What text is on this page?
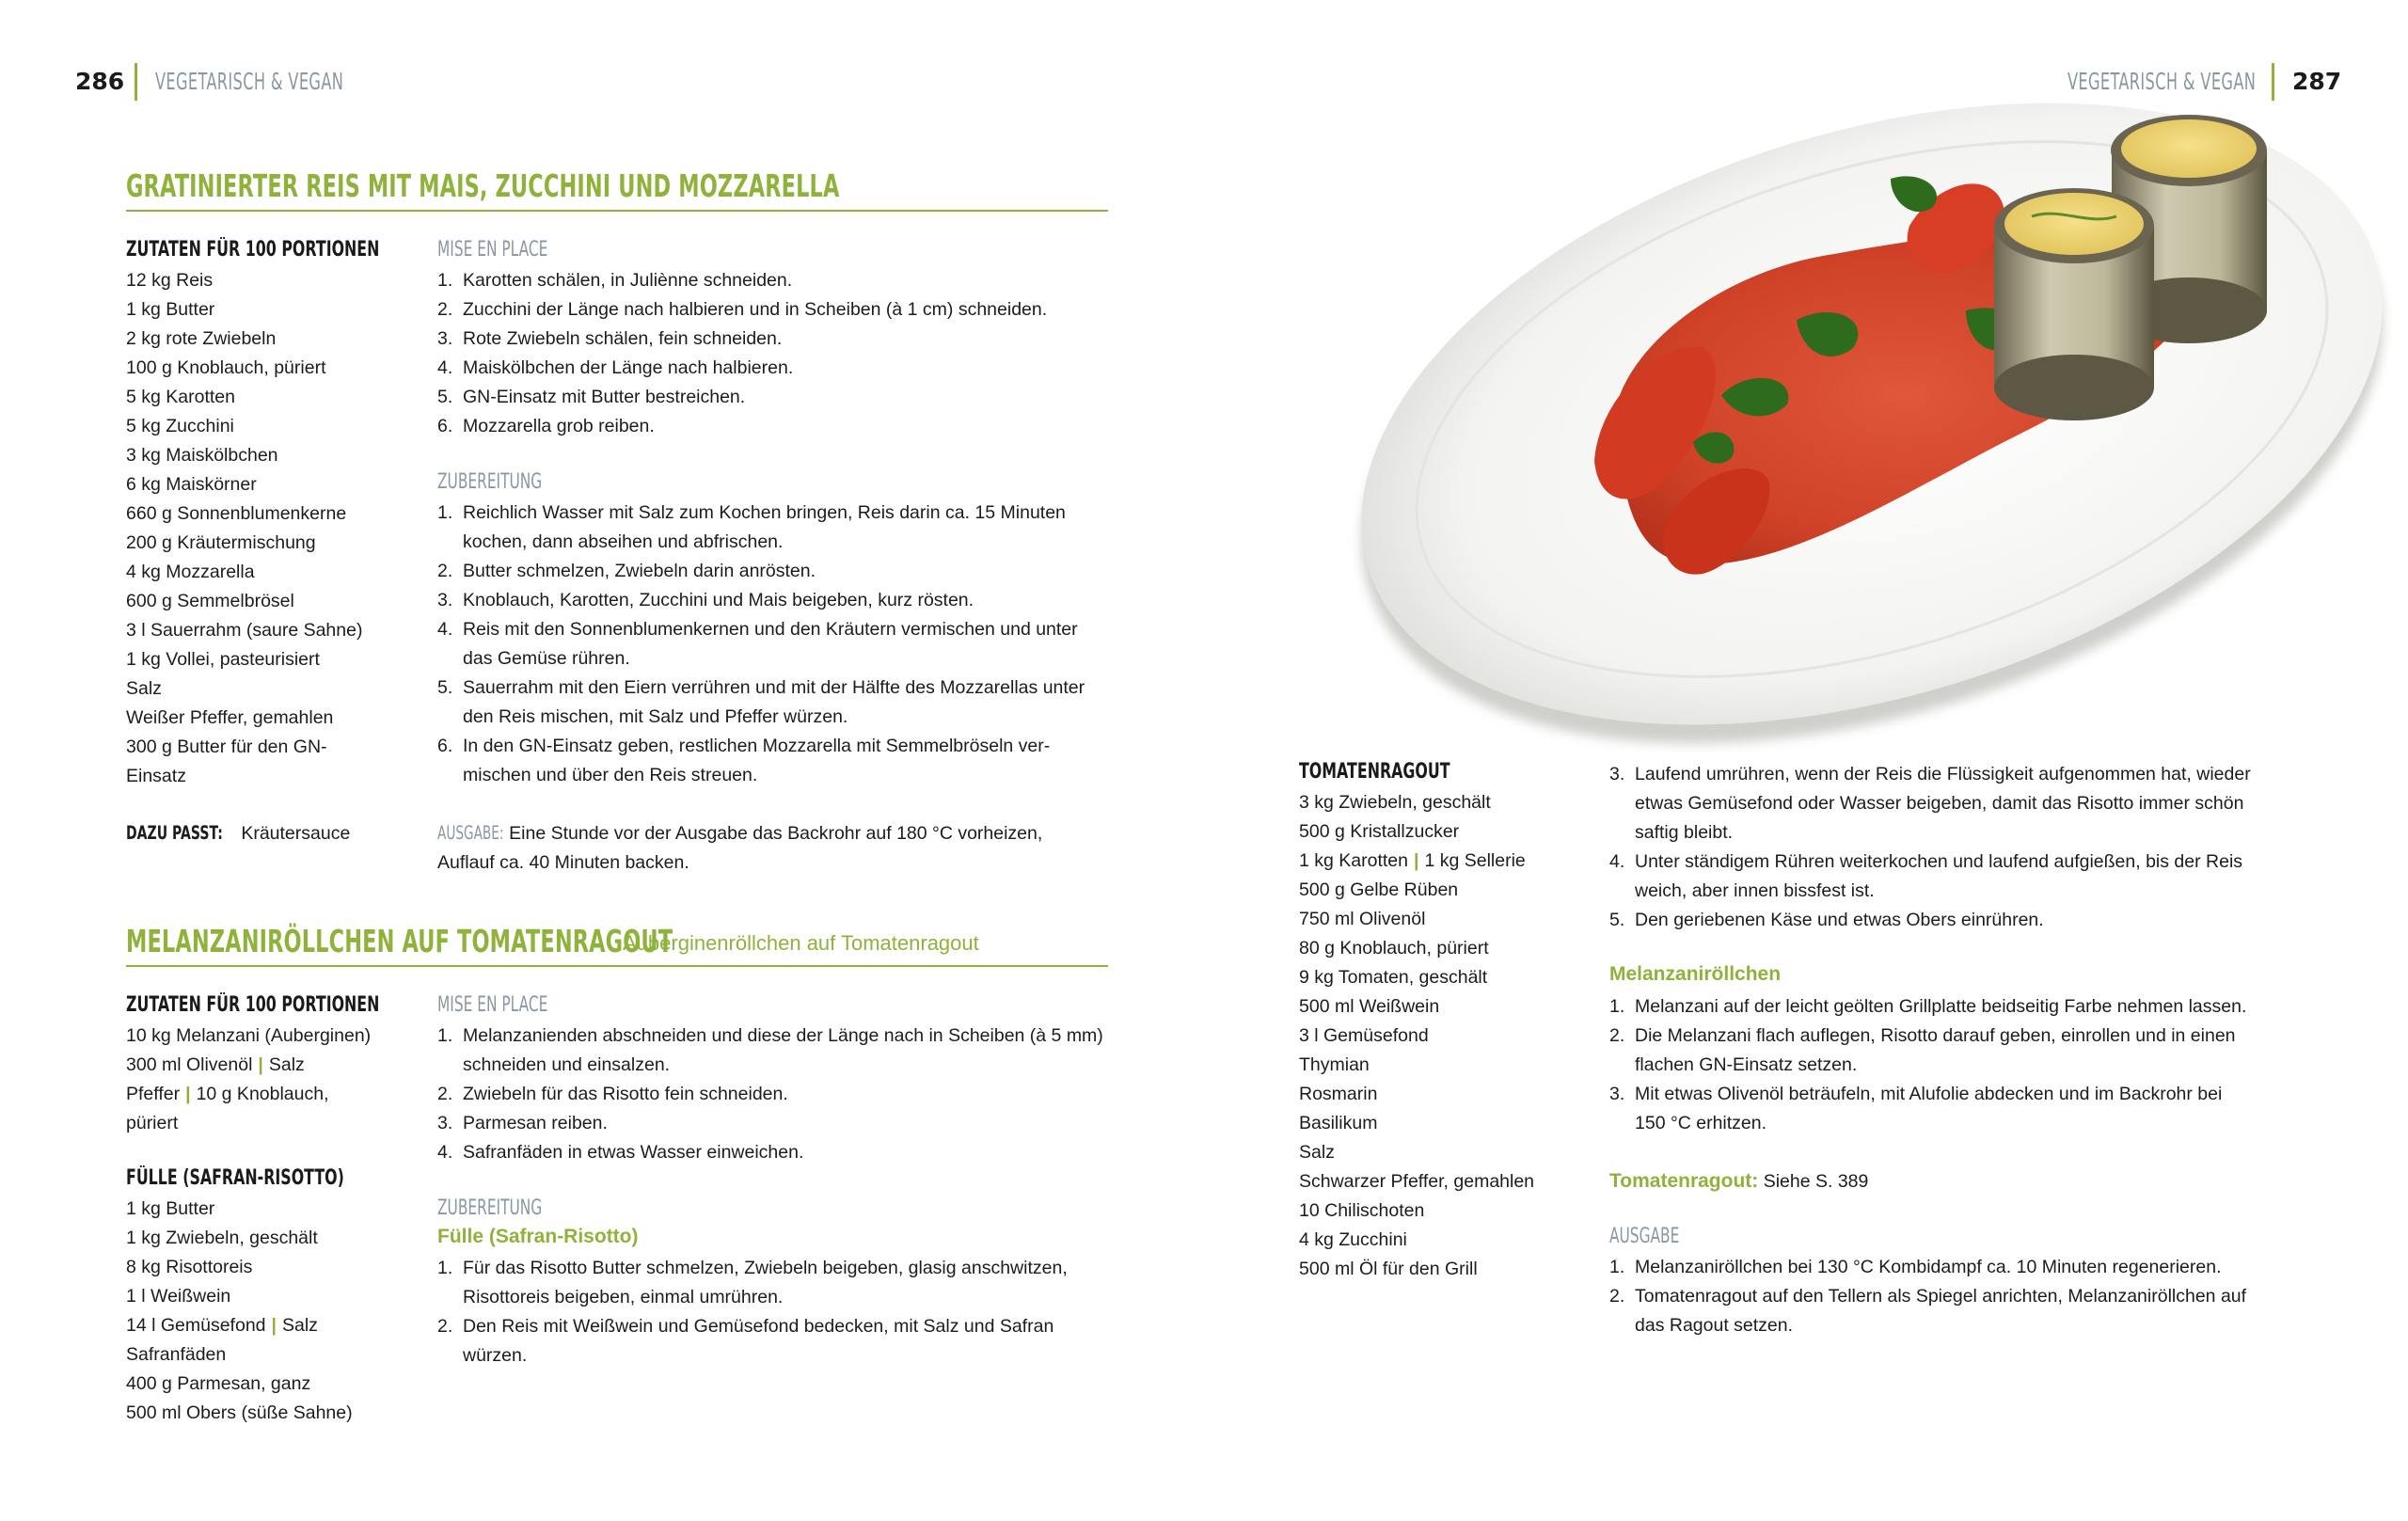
286 VEGETARISCH & VEGAN	VEGETARISCH & VEGAN 287
GRATINIERTER REIS MIT MAIS, ZUCCHINI UND MOZZARELLA
ZUTATEN FÜR 100 PORTIONEN
12 kg Reis
1 kg Butter
2 kg rote Zwiebeln
100 g Knoblauch, püriert
5 kg Karotten
5 kg Zucchini
3 kg Maiskölbchen
6 kg Maiskörner
660 g Sonnenblumenkerne
200 g Kräutermischung
4 kg Mozzarella
600 g Semmelbrösel
3 l Sauerrahm (saure Sahne)
1 kg Vollei, pasteurisiert
Salz
Weißer Pfeffer, gemahlen
300 g Butter für den GN-
Einsatz
DAZU PASST: Kräutersauce
MISE EN PLACE
1. Karotten schälen, in Juliènne schneiden.
2. Zucchini der Länge nach halbieren und in Scheiben (à 1 cm) schneiden.
3. Rote Zwiebeln schälen, fein schneiden.
4. Maiskölbchen der Länge nach halbieren.
5. GN-Einsatz mit Butter bestreichen.
6. Mozzarella grob reiben.
ZUBEREITUNG
1. Reichlich Wasser mit Salz zum Kochen bringen, Reis darin ca. 15 Minuten
kochen, dann abseihen und abfrischen.
2. Butter schmelzen, Zwiebeln darin anrösten.
3. Knoblauch, Karotten, Zucchini und Mais beigeben, kurz rösten.
4. Reis mit den Sonnenblumenkernen und den Kräutern vermischen und unter
das Gemüse rühren.
5. Sauerrahm mit den Eiern verrühren und mit der Hälfte des Mozzarellas unter
den Reis mischen, mit Salz und Pfeffer würzen.
6. In den GN-Einsatz geben, restlichen Mozzarella mit Semmelbröseln ver-
mischen und über den Reis streuen.
AUSGABE: Eine Stunde vor der Ausgabe das Backrohr auf 180 °C vorheizen,
Auflauf ca. 40 Minuten backen.
MELANZANIRÖLLCHEN AUF TOMATENRAGOUT
Auberginenröllchen auf Tomatenragout
ZUTATEN FÜR 100 PORTIONEN
10 kg Melanzani (Auberginen)
300 ml Olivenöl | Salz
Pfeffer | 10 g Knoblauch,
püriert
FÜLLE (SAFRAN-RISOTTO)
1 kg Butter
1 kg Zwiebeln, geschält
8 kg Risottoreis
1 l Weißwein
14 l Gemüsefond | Salz
Safranfäden
400 g Parmesan, ganz
500 ml Obers (süße Sahne)
MISE EN PLACE
1. Melanzanienden abschneiden und diese der Länge nach in Scheiben (à 5 mm)
schneiden und einsalzen.
2. Zwiebeln für das Risotto fein schneiden.
3. Parmesan reiben.
4. Safranfäden in etwas Wasser einweichen.
ZUBEREITUNG
Fülle (Safran-Risotto)
1. Für das Risotto Butter schmelzen, Zwiebeln beigeben, glasig anschwitzen,
Risottoreis beigeben, einmal umrühren.
2. Den Reis mit Weißwein und Gemüsefond bedecken, mit Salz und Safran
würzen.
TOMATENRAGOUT
3 kg Zwiebeln, geschält
500 g Kristallzucker
1 kg Karotten | 1 kg Sellerie
500 g Gelbe Rüben
750 ml Olivenöl
80 g Knoblauch, püriert
9 kg Tomaten, geschält
500 ml Weißwein
3 l Gemüsefond
Thymian
Rosmarin
Basilikum
Salz
Schwarzer Pfeffer, gemahlen
10 Chilischoten
4 kg Zucchini
500 ml Öl für den Grill
3. Laufend umrühren, wenn der Reis die Flüssigkeit aufgenommen hat, wieder
etwas Gemüsefond oder Wasser beigeben, damit das Risotto immer schön
saftig bleibt.
4. Unter ständigem Rühren weiterkochen und laufend aufgießen, bis der Reis
weich, aber innen bissfest ist.
5. Den geriebenen Käse und etwas Obers einrühren.
Melanzaniröllchen
1. Melanzani auf der leicht geölten Grillplatte beidseitig Farbe nehmen lassen.
2. Die Melanzani flach auflegen, Risotto darauf geben, einrollen und in einen
flachen GN-Einsatz setzen.
3. Mit etwas Olivenöl beträufeln, mit Alufolie abdecken und im Backrohr bei
150 °C erhitzen.
Tomatenragout: Siehe S. 389
AUSGABE
1. Melanzaniröllchen bei 130 °C Kombidampf ca. 10 Minuten regenerieren.
2. Tomatenragout auf den Tellern als Spiegel anrichten, Melanzaniröllchen auf
das Ragout setzen.
